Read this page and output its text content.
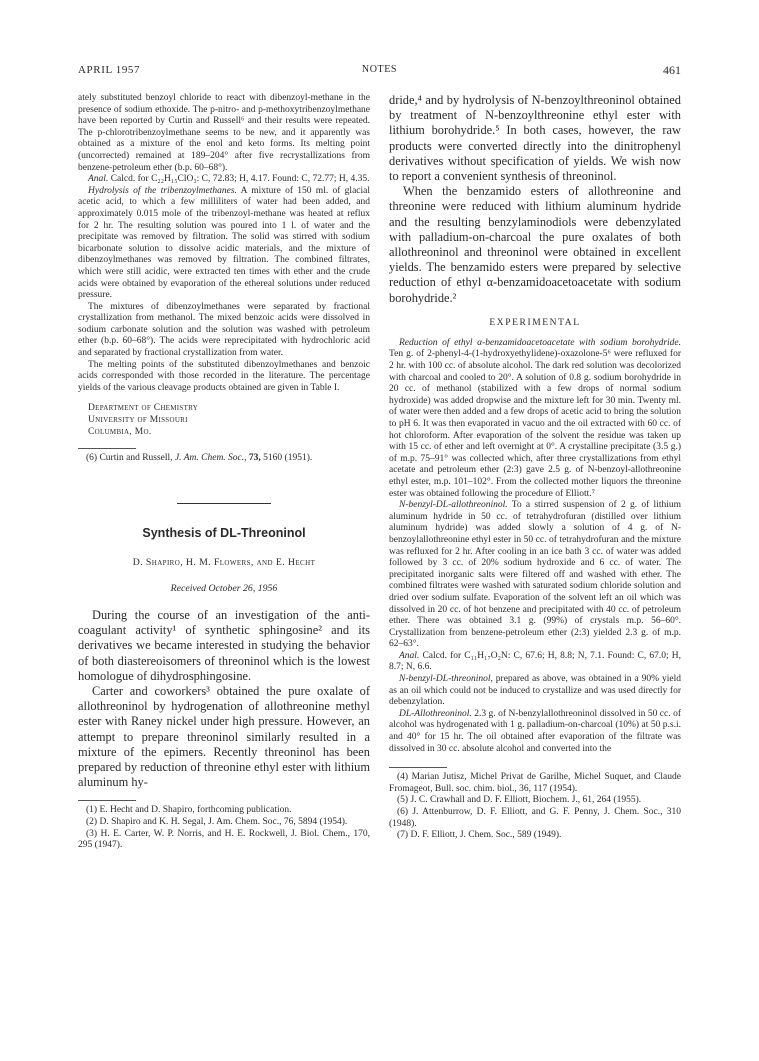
APRIL 1957	NOTES	461

ately substituted benzoyl chloride to react with dibenzoyl-methane in the presence of sodium ethoxide. The p-nitro- and p-methoxytribenzoylmethane have been reported by Curtin and Russell⁶ and their results were repeated. The p-chlorotribenzoylmethane seems to be new, and it apparently was obtained as a mixture of the enol and keto forms. Its melting point (uncorrected) remained at 189–204° after five recrystallizations from benzene-petroleum ether (b.p. 60–68°).

Anal. Calcd. for C₂₂H₁₅ClO₃: C, 72.83; H, 4.17. Found: C, 72.77; H, 4.35.

Hydrolysis of the tribenzoylmethanes. A mixture of 150 ml. of glacial acetic acid, to which a few milliliters of water had been added, and approximately 0.015 mole of the tribenzoyl-methane was heated at reflux for 2 hr. The resulting solution was poured into 1 l. of water and the precipitate was removed by filtration. The solid was stirred with sodium bicarbonate solution to dissolve acidic materials, and the mixture of dibenzoylmethanes was removed by filtration. The combined filtrates, which were still acidic, were extracted ten times with ether and the crude acids were obtained by evaporation of the ethereal solutions under reduced pressure.

The mixtures of dibenzoylmethanes were separated by fractional crystallization from methanol. The mixed benzoic acids were dissolved in sodium carbonate solution and the solution was washed with petroleum ether (b.p. 60–68°). The acids were reprecipitated with hydrochloric acid and separated by fractional crystallization from water.

The melting points of the substituted dibenzoylmethanes and benzoic acids corresponded with those recorded in the literature. The percentage yields of the various cleavage products obtained are given in Table I.

Department of Chemistry
University of Missouri
Columbia, Mo.

(6) Curtin and Russell, J. Am. Chem. Soc., 73, 5160 (1951).

Synthesis of DL-Threoninol
D. Shapiro, H. M. Flowers, and E. Hecht
Received October 26, 1956

During the course of an investigation of the anti-coagulant activity¹ of synthetic sphingosine² and its derivatives we became interested in studying the behavior of both diastereoisomers of threoninol which is the lowest homologue of dihydrosphingosine.

Carter and coworkers³ obtained the pure oxalate of allothreoninol by hydrogenation of allothreonine methyl ester with Raney nickel under high pressure. However, an attempt to prepare threoninol similarly resulted in a mixture of the epimers. Recently threoninol has been prepared by reduction of threonine ethyl ester with lithium aluminum hy-

(1) E. Hecht and D. Shapiro, forthcoming publication.

(2) D. Shapiro and K. H. Segal, J. Am. Chem. Soc., 76, 5894 (1954).

(3) H. E. Carter, W. P. Norris, and H. E. Rockwell, J. Biol. Chem., 170, 295 (1947).

dride,⁴ and by hydrolysis of N-benzoylthreoninol obtained by treatment of N-benzoylthreonine ethyl ester with lithium borohydride.⁵ In both cases, however, the raw products were converted directly into the dinitrophenyl derivatives without specification of yields. We wish now to report a convenient synthesis of threoninol.

When the benzamido esters of allothreonine and threonine were reduced with lithium aluminum hydride and the resulting benzylaminodiols were debenzylated with palladium-on-charcoal the pure oxalates of both allothreoninol and threoninol were obtained in excellent yields. The benzamido esters were prepared by selective reduction of ethyl α-benzamidoacetoacetate with sodium borohydride.²

EXPERIMENTAL

Reduction of ethyl α-benzamidoacetoacetate with sodium borohydride. Ten g. of 2-phenyl-4-(1-hydroxyethylidene)-oxazolone-5⁶ were refluxed for 2 hr. with 100 cc. of absolute alcohol. The dark red solution was decolorized with charcoal and cooled to 20°. A solution of 0.8 g. sodium borohydride in 20 cc. of methanol (stabilized with a few drops of normal sodium hydroxide) was added dropwise and the mixture left for 30 min. Twenty ml. of water were then added and a few drops of acetic acid to bring the solution to pH 6. It was then evaporated in vacuo and the oil extracted with 60 cc. of hot chloroform. After evaporation of the solvent the residue was taken up with 15 cc. of ether and left overnight at 0°. A crystalline precipitate (3.5 g.) of m.p. 75–91° was collected which, after three crystallizations from ethyl acetate and petroleum ether (2:3) gave 2.5 g. of N-benzoyl-allothreonine ethyl ester, m.p. 101–102°. From the collected mother liquors the threonine ester was obtained following the procedure of Elliott.⁷

N-benzyl-DL-allothreoninol. To a stirred suspension of 2 g. of lithium aluminum hydride in 50 cc. of tetrahydrofuran (distilled over lithium aluminum hydride) was added slowly a solution of 4 g. of N-benzoylallothreonine ethyl ester in 50 cc. of tetrahydrofuran and the mixture was refluxed for 2 hr. After cooling in an ice bath 3 cc. of water was added followed by 3 cc. of 20% sodium hydroxide and 6 cc. of water. The precipitated inorganic salts were filtered off and washed with ether. The combined filtrates were washed with saturated sodium chloride solution and dried over sodium sulfate. Evaporation of the solvent left an oil which was dissolved in 20 cc. of hot benzene and precipitated with 40 cc. of petroleum ether. There was obtained 3.1 g. (99%) of crystals m.p. 56–60°. Crystallization from benzene-petroleum ether (2:3) yielded 2.3 g. of m.p. 62–63°.

Anal. Calcd. for C₁₁H₁₇O₂N: C, 67.6; H, 8.8; N, 7.1. Found: C, 67.0; H, 8.7; N, 6.6.

N-benzyl-DL-threoninol, prepared as above, was obtained in a 90% yield as an oil which could not be induced to crystallize and was used directly for debenzylation.

DL-Allothreoninol. 2.3 g. of N-benzylallothreoninol dissolved in 50 cc. of alcohol was hydrogenated with 1 g. palladium-on-charcoal (10%) at 50 p.s.i. and 40° for 15 hr. The oil obtained after evaporation of the filtrate was dissolved in 30 cc. absolute alcohol and converted into the

(4) Marian Jutisz, Michel Privat de Garilhe, Michel Suquet, and Claude Fromageot, Bull. soc. chim. biol., 36, 117 (1954).

(5) J. C. Crawhall and D. F. Elliott, Biochem. J., 61, 264 (1955).

(6) J. Attenburrow, D. F. Elliott, and G. F. Penny, J. Chem. Soc., 310 (1948).

(7) D. F. Elliott, J. Chem. Soc., 589 (1949).
